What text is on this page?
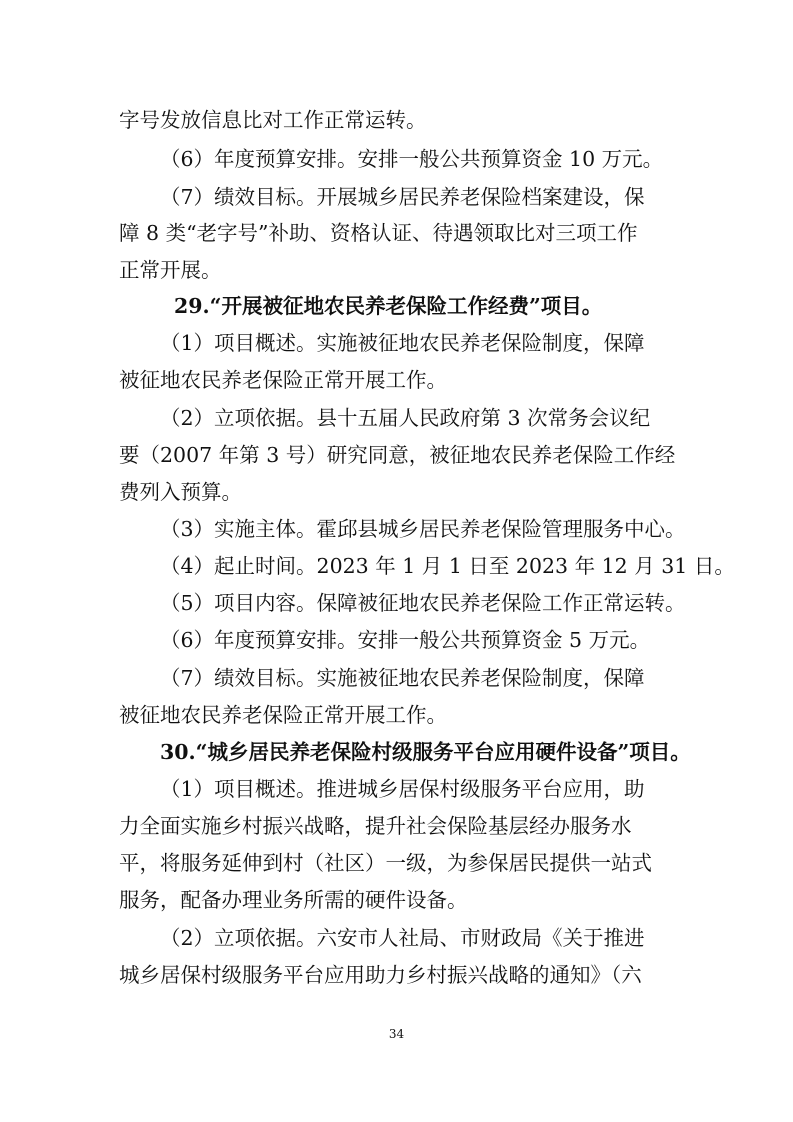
字号发放信息比对工作正常运转。
（6）年度预算安排。安排一般公共预算资金 10 万元。
（7）绩效目标。开展城乡居民养老保险档案建设，保
障 8 类“老字号”补助、资格认证、待遇领取比对三项工作
正常开展。
29.“开展被征地农民养老保险工作经费”项目。
（1）项目概述。实施被征地农民养老保险制度，保障
被征地农民养老保险正常开展工作。
（2）立项依据。县十五届人民政府第 3 次常务会议纪
要（2007 年第 3 号）研究同意，被征地农民养老保险工作经
费列入预算。
（3）实施主体。霍邱县城乡居民养老保险管理服务中心。
（4）起止时间。2023 年 1 月 1 日至 2023 年 12 月 31 日。
（5）项目内容。保障被征地农民养老保险工作正常运转。
（6）年度预算安排。安排一般公共预算资金 5 万元。
（7）绩效目标。实施被征地农民养老保险制度，保障
被征地农民养老保险正常开展工作。
30.“城乡居民养老保险村级服务平台应用硬件设备”项目。
（1）项目概述。推进城乡居保村级服务平台应用，助
力全面实施乡村振兴战略，提升社会保险基层经办服务水
平，将服务延伸到村（社区）一级，为参保居民提供一站式
服务，配备办理业务所需的硬件设备。
（2）立项依据。六安市人社局、市财政局《关于推进
城乡居保村级服务平台应用助力乡村振兴战略的通知》（六
34
